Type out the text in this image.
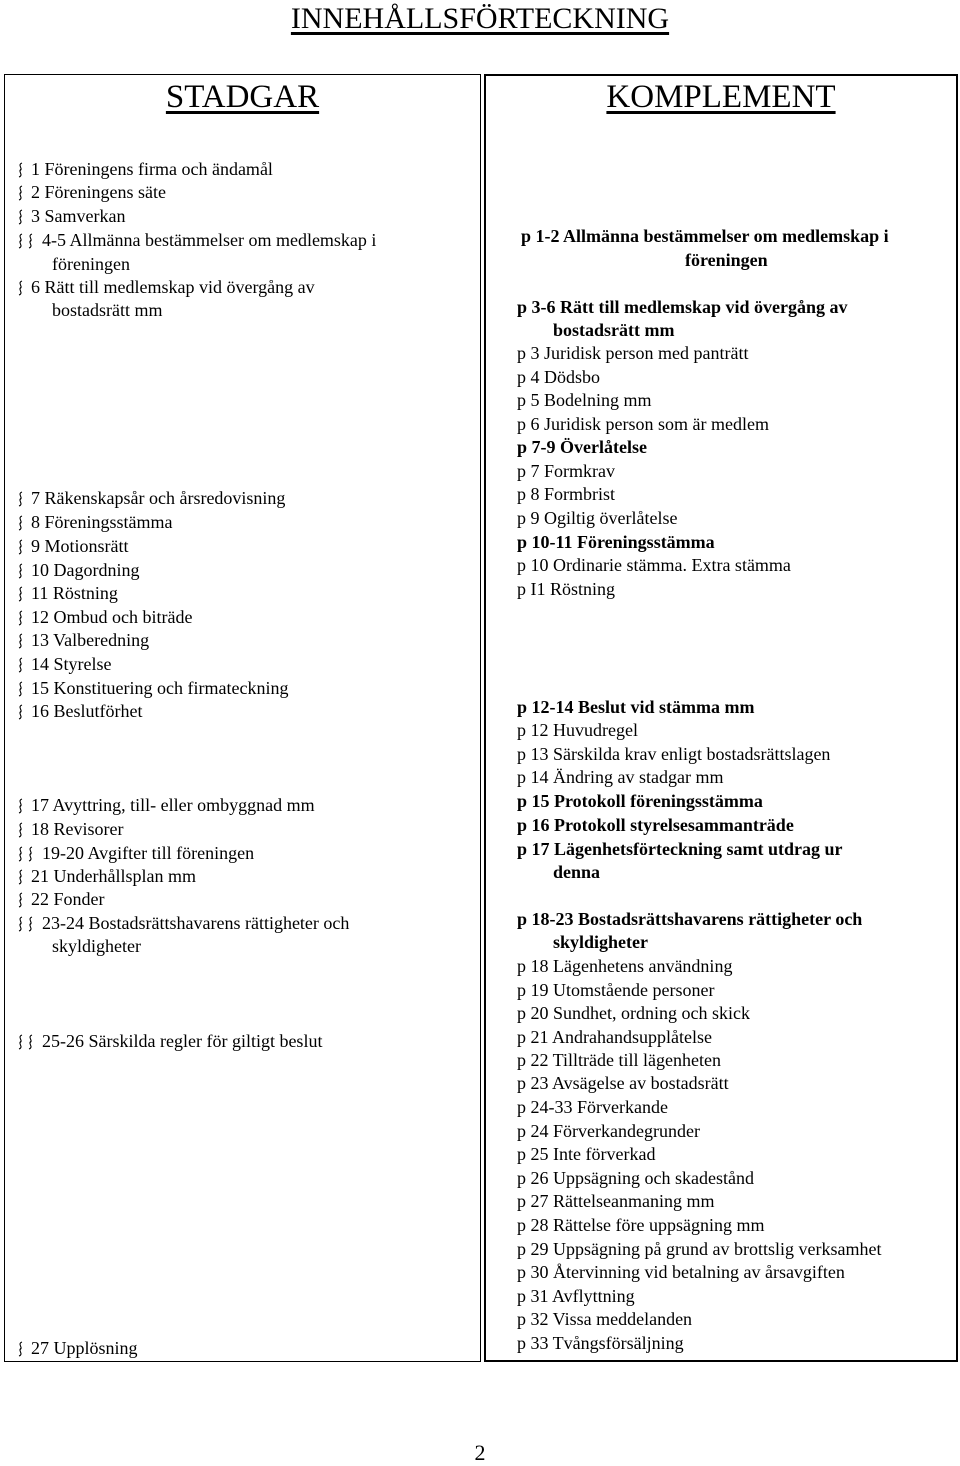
INNEHÅLLSFÖRTECKNING
STADGAR	KOMPLEMENT
2
1 Föreningens firma och ändamål
2 Föreningens säte
3 Samverkan
4-5 Allmänna bestämmelser om medlemskap i
föreningen
6 Rätt till medlemskap vid övergång av
bostadsrätt mm
7 Räkenskapsår och årsredovisning
8 Föreningsstämma
9 Motionsrätt
10 Dagordning
11 Röstning
12 Ombud och biträde
13 Valberedning
14 Styrelse
15 Konstituering och firmateckning
16 Beslutförhet
17 Avyttring, till- eller ombyggnad mm
18 Revisorer
19-20 Avgifter till föreningen
21 Underhållsplan mm
22 Fonder
23-24 Bostadsrättshavarens rättigheter och
skyldigheter
25-26 Särskilda regler för giltigt beslut
27 Upplösning
p 1-2 Allmänna bestämmelser om medlemskap i
föreningen
p 3-6 Rätt till medlemskap vid övergång av
bostadsrätt mm
p 3 Juridisk person med panträtt
p 4 Dödsbo
p 5 Bodelning mm
p 6 Juridisk person som är medlem
p 7-9 Överlåtelse
p 7 Formkrav
p 8 Formbrist
p 9 Ogiltig överlåtelse
p 10-11 Föreningsstämma
p 10 Ordinarie stämma. Extra stämma
p I1 Röstning
p 12-14 Beslut vid stämma mm
p 12 Huvudregel
p 13 Särskilda krav enligt bostadsrättslagen
p 14 Ändring av stadgar mm
p 15 Protokoll föreningsstämma
p 16 Protokoll styrelsesammanträde
p 17 Lägenhetsförteckning samt utdrag ur
denna
p 18-23 Bostadsrättshavarens rättigheter och
skyldigheter
p 18 Lägenhetens användning
p 19 Utomstående personer
p 20 Sundhet, ordning och skick
p 21 Andrahandsupplåtelse
p 22 Tillträde till lägenheten
p 23 Avsägelse av bostadsrätt
p 24-33 Förverkande
p 24 Förverkandegrunder
p 25 Inte förverkad
p 26 Uppsägning och skadestånd
p 27 Rättelseanmaning mm
p 28 Rättelse före uppsägning mm
p 29 Uppsägning på grund av brottslig verksamhet
p 30 Återvinning vid betalning av årsavgiften
p 31 Avflyttning
p 32 Vissa meddelanden
p 33 Tvångsförsäljning
